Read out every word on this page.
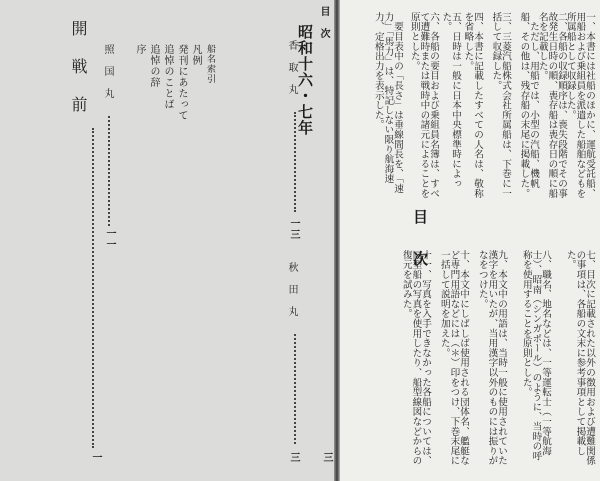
目　次
昭和十六・七年
香　取　丸
一三
秋　田　丸
三 三
開　戦　前
一
照　国　丸
一一
序 追悼の辞 追悼のことば 発刊にあたって 凡例 船名索引
目　次
一、本書には社船のほかに、運航受託船、用船および乗組員を派遣した船舶などもを所属船として収録した。
二、各船の収録順序は、喪失段階でその事故発生日時の順、喪存船は喪存日の順に船名を記載した。
　ただし、用船では、小型の汽船、機帆船、その他は、残存船の末尾に掲載した。
三、三菱汽船株式会社所属船は、下巻に一括して収録した。
四、本書に記載したすべての人名は、敬称を省略した。
五、日時は一般に日本中央標準時によった。
六、各船の要目および乗組員名簿は、すべて遭難時または戦時中の諸元によることを原則とした。
　要目表中の「長さ」は垂線間長を、「速力」「馬力」は、特記しない限り航海速力、定格出力を表示した。
七、目次に記載された以外の徴用および遭難関係の事項は、各船の文末に参考事項として掲載した。
八、職名、地名などは、一等運転士（一等航海士）、昭南（シンガポール）のように、当時の呼称を使用することを原則とした。
九、本文中の用語は、当時一般に使用されていた漢字を用いたが、当用漢字以外のものには振りがなをつけた。
十、本文中にしばしば使用される団体名、艦艇など専門用語などには（＊）印をつけ、下巻末尾に一括して説明を加えた。
十一、写真を入手できなかった各船については、同型船の写真を使用したり、船型線図などからの復元を試みた。
